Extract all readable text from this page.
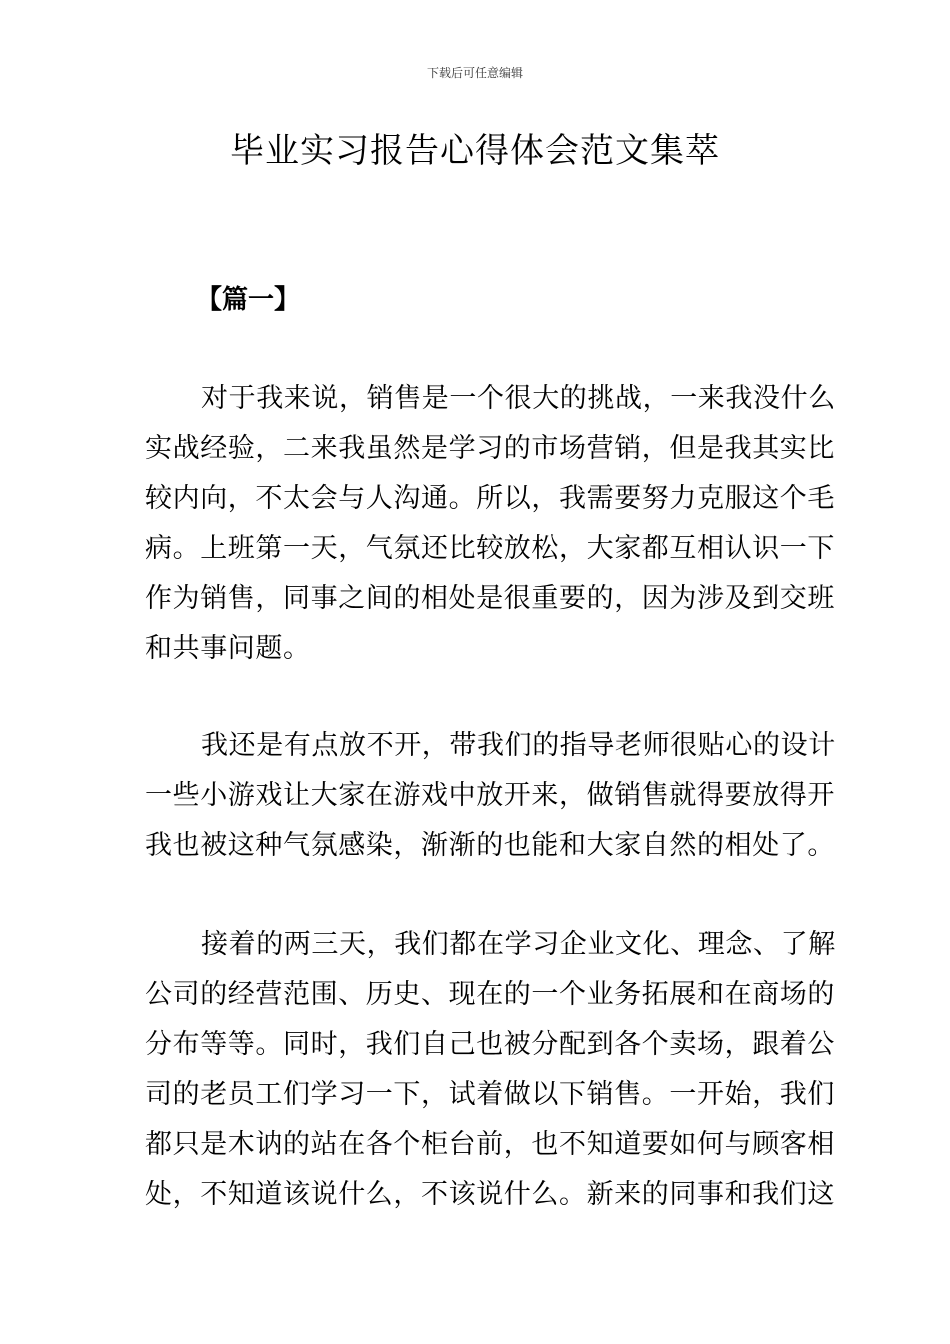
下载后可任意编辑
毕业实习报告心得体会范文集萃
【篇一】
对于我来说，销售是一个很大的挑战，一来我没什么
实战经验，二来我虽然是学习的市场营销，但是我其实比
较内向，不太会与人沟通。所以，我需要努力克服这个毛
病。上班第一天，气氛还比较放松，大家都互相认识一下
作为销售，同事之间的相处是很重要的，因为涉及到交班
和共事问题。
我还是有点放不开，带我们的指导老师很贴心的设计
一些小游戏让大家在游戏中放开来，做销售就得要放得开
我也被这种气氛感染，渐渐的也能和大家自然的相处了。
接着的两三天，我们都在学习企业文化、理念、了解
公司的经营范围、历史、现在的一个业务拓展和在商场的
分布等等。同时，我们自己也被分配到各个卖场，跟着公
司的老员工们学习一下，试着做以下销售。一开始，我们
都只是木讷的站在各个柜台前，也不知道要如何与顾客相
处，不知道该说什么，不该说什么。新来的同事和我们这
